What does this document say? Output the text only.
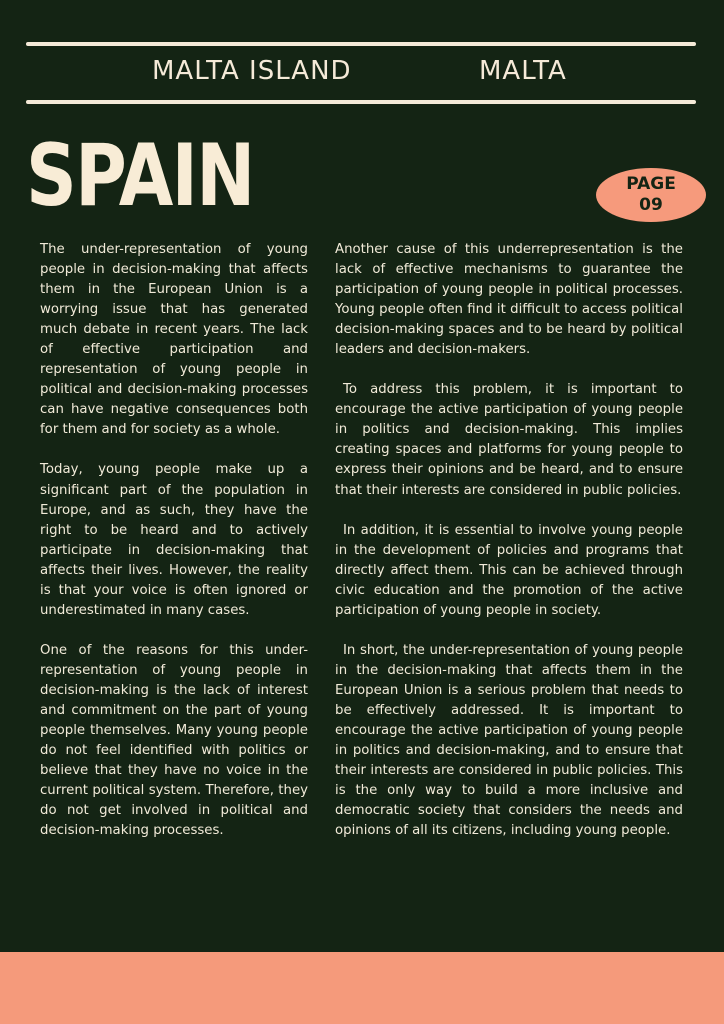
MALTA ISLAND	MALTA
SPAIN	PAGE
09

The under-representation of young people in decision-making that affects them in the European Union is a worrying issue that has generated much debate in recent years. The lack of effective participation and representation of young people in political and decision-making processes can have negative consequences both for them and for society as a whole.

Today, young people make up a significant part of the population in Europe, and as such, they have the right to be heard and to actively participate in decision-making that affects their lives. However, the reality is that your voice is often ignored or underestimated in many cases.

One of the reasons for this under-representation of young people in decision-making is the lack of interest and commitment on the part of young people themselves. Many young people do not feel identified with politics or believe that they have no voice in the current political system. Therefore, they do not get involved in political and decision-making processes.

Another cause of this underrepresentation is the lack of effective mechanisms to guarantee the participation of young people in political processes. Young people often find it difficult to access political decision-making spaces and to be heard by political leaders and decision-makers.

To address this problem, it is important to encourage the active participation of young people in politics and decision-making. This implies creating spaces and platforms for young people to express their opinions and be heard, and to ensure that their interests are considered in public policies.

In addition, it is essential to involve young people in the development of policies and programs that directly affect them. This can be achieved through civic education and the promotion of the active participation of young people in society.

In short, the under-representation of young people in the decision-making that affects them in the European Union is a serious problem that needs to be effectively addressed. It is important to encourage the active participation of young people in politics and decision-making, and to ensure that their interests are considered in public policies. This is the only way to build a more inclusive and democratic society that considers the needs and opinions of all its citizens, including young people.
